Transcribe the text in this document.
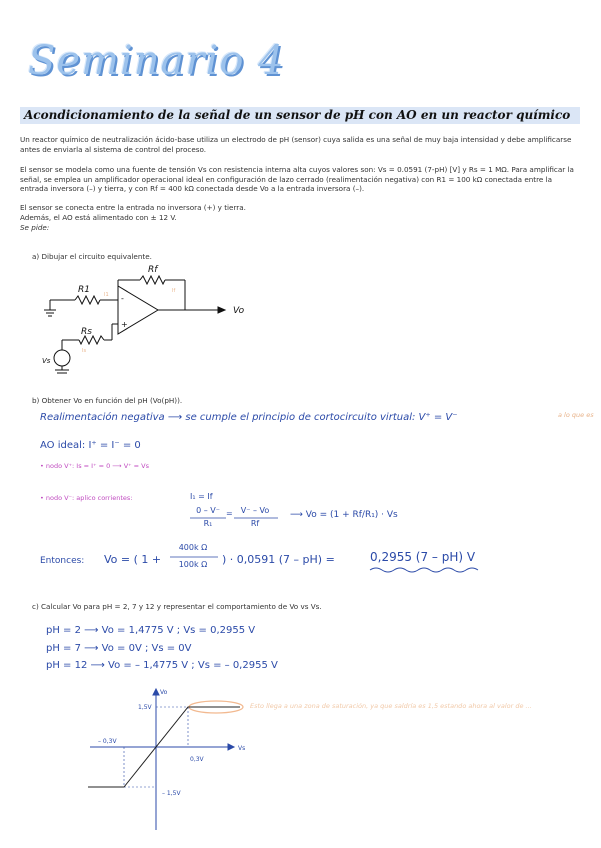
Seminario 4
Acondicionamiento de la señal de un sensor de pH con AO en un reactor químico
Un reactor químico de neutralización ácido-base utiliza un electrodo de pH (sensor) cuya salida es una señal de muy baja intensidad y debe amplificarse antes de enviarla al sistema de control del proceso.
El sensor se modela como una fuente de tensión Vs con resistencia interna alta cuyos valores son: Vs = 0.0591 (7-pH) [V] y Rs = 1 MΩ. Para amplificar la señal, se emplea un amplificador operacional ideal en configuración de lazo cerrado (realimentación negativa) con R1 = 100 kΩ conectada entre la entrada inversora (–) y tierra, y con Rf = 400 kΩ conectada desde Vo a la entrada inversora (–).
El sensor se conecta entre la entrada no inversora (+) y tierra.
Además, el AO está alimentado con ± 12 V.
Se pide:
a) Dibujar el circuito equivalente.
Rf
R1
Rs
Vs
Vo
-
+
If
I1
Is
b) Obtener Vo en función del pH (Vo(pH)).
Realimentación negativa ⟶ se cumple el principio de cortocircuito virtual: V⁺ = V⁻	a lo que es
AO ideal: I⁺ = I⁻ = 0
• nodo V⁺: Is = I⁺ = 0 ⟶ V⁺ = Vs
• nodo V⁻: aplico corrientes:	I₁ = If
0 – V⁻
R₁
=	V⁻ – Vo
Rf
⟶ Vo = (1 + Rf/R₁) · Vs
Entonces: Vo = ( 1 +
400k Ω
100k Ω	) · 0,0591 (7 – pH) =	0,2955 (7 – pH) V
c) Calcular Vo para pH = 2, 7 y 12 y representar el comportamiento de Vo vs Vs.
pH = 2 ⟶ Vo = 1,4775 V ; Vs = 0,2955 V
pH = 7 ⟶ Vo = 0V ; Vs = 0V
pH = 12 ⟶ Vo = – 1,4775 V ; Vs = – 0,2955 V
Vo
Vs
1,5V
– 1,5V
– 0,3V
0,3V
Esto llega a una zona de saturación, ya que saldría es 1,5 estando ahora al valor de ...
